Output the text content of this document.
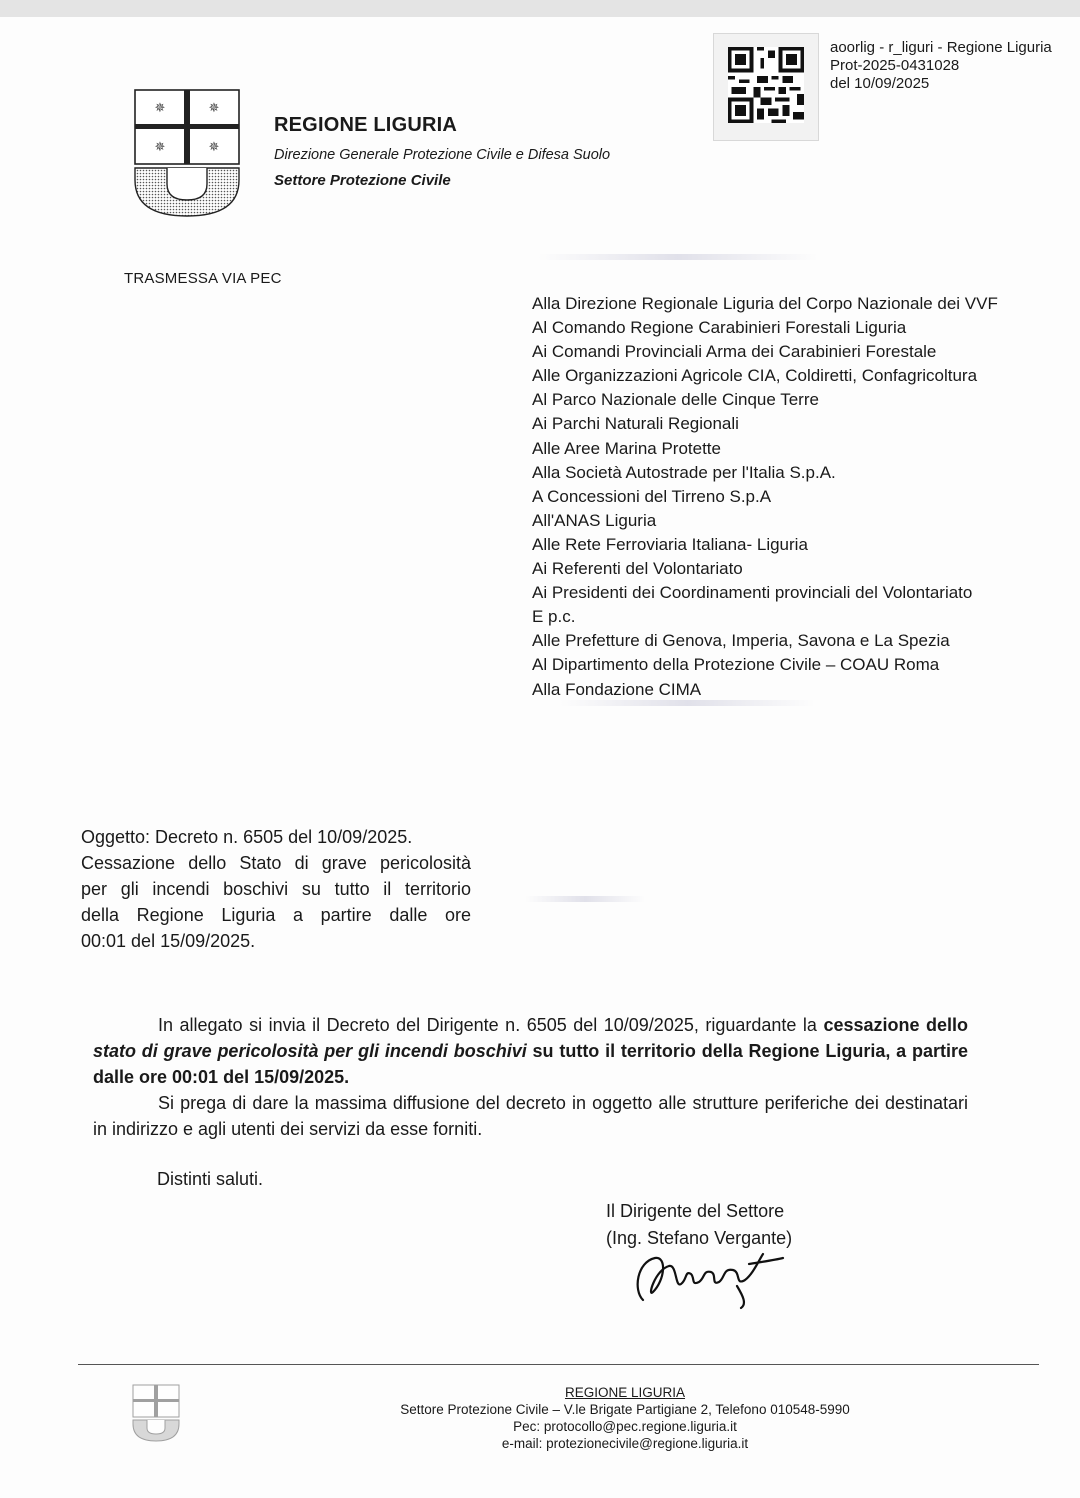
✵	✵
✵	✵
REGIONE LIGURIA
Direzione Generale Protezione Civile e Difesa Suolo
Settore Protezione Civile
aoorlig - r_liguri - Regione Liguria
Prot-2025-0431028
del 10/09/2025
TRASMESSA VIA PEC
Alla Direzione Regionale Liguria del Corpo Nazionale dei VVF
Al Comando Regione Carabinieri Forestali Liguria
Ai Comandi Provinciali Arma dei Carabinieri Forestale
Alle Organizzazioni Agricole CIA, Coldiretti, Confagricoltura
Al Parco Nazionale delle Cinque Terre
Ai Parchi Naturali Regionali
Alle Aree Marina Protette
Alla Società Autostrade per l'Italia S.p.A.
A Concessioni del Tirreno S.p.A
All'ANAS Liguria
Alle Rete Ferroviaria Italiana- Liguria
Ai Referenti del Volontariato
Ai Presidenti dei Coordinamenti provinciali del Volontariato
E p.c.
Alle Prefetture di Genova, Imperia, Savona e La Spezia
Al Dipartimento della Protezione Civile – COAU Roma
Alla Fondazione CIMA
Oggetto: Decreto n. 6505 del 10/09/2025.
Cessazione dello Stato di grave pericolosità
per gli incendi boschivi su tutto il territorio
della Regione Liguria a partire dalle ore
00:01 del 15/09/2025.

In allegato si invia il Decreto del Dirigente n. 6505 del 10/09/2025, riguardante la cessazione dello stato di grave pericolosità per gli incendi boschivi su tutto il territorio della Regione Liguria, a partire dalle ore 00:01 del 15/09/2025.

Si prega di dare la massima diffusione del decreto in oggetto alle strutture periferiche dei destinatari in indirizzo e agli utenti dei servizi da esse forniti.

Distinti saluti.
Il Dirigente del Settore
(Ing. Stefano Vergante)
REGIONE LIGURIA
Settore Protezione Civile – V.le Brigate Partigiane 2, Telefono 010548-5990
Pec: protocollo@pec.regione.liguria.it
e-mail: protezionecivile@regione.liguria.it
